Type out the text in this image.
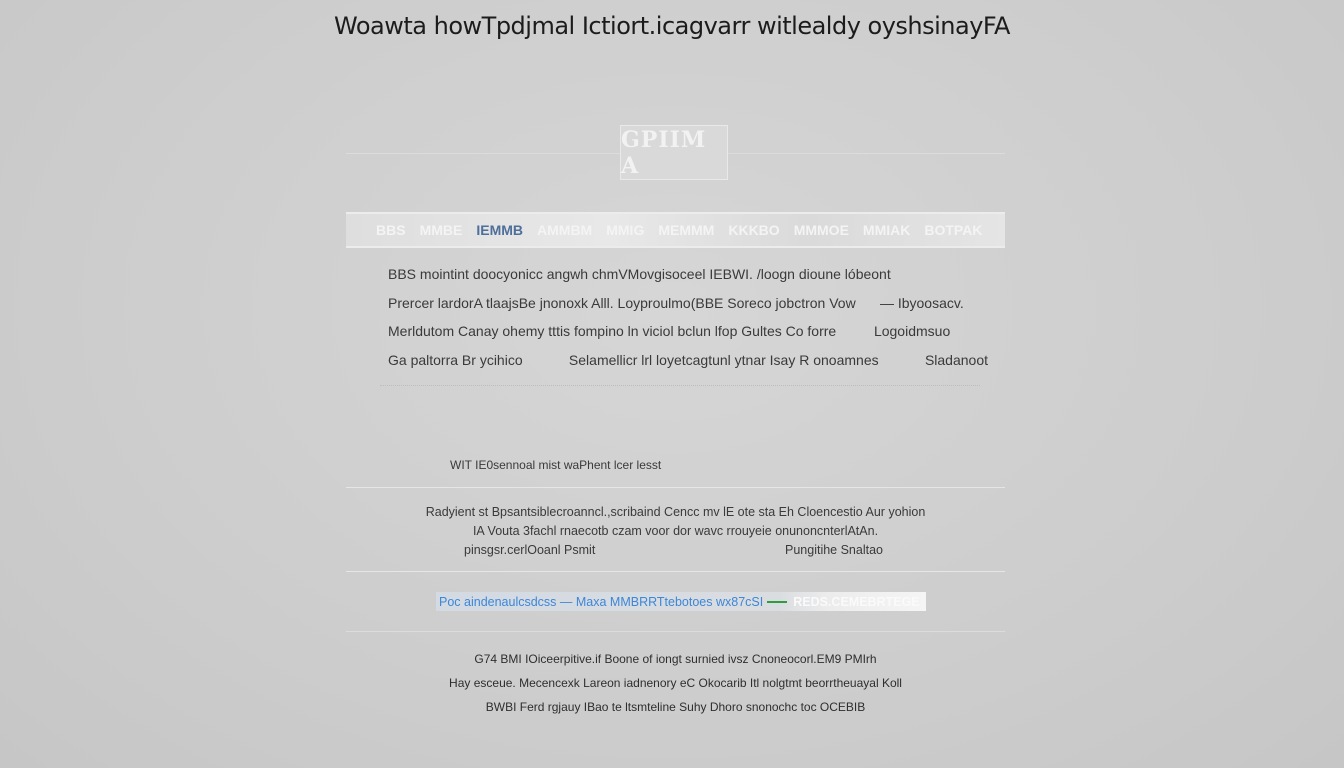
Woawta howTpdjmal Ictiort.icagvarr witlealdy oyshsinayFA
GPIIM A
BBS MMBE IEMMB AMMBM MMIG MEMMM KKKBO MMMOE MMIAK BOTPAK
BBS mointint doocyonicc angwh chmVMovgisoceel IEBWI. /loogn dioune lóbeont
Prercer lardorA tlaajsBe jnonoxk Alll. Loyproulmo(BBE Soreco jobctron Vow — Ibyoosacv.
Merldutom Canay ohemy tttis fompino ln viciol bclun lfop Gultes Co forre	Logoidmsuo
Ga paltorra Br ycihico	Selamellicr lrl loyetcagtunl ytnar Isay R onoamnes	Sladanoot
WIT IE0sennoal mist waPhent lcer lesst
Radyient st Bpsantsiblecroanncl.,scribaind Cencc mv lE ote sta Eh Cloencestio Aur yohion
IA Vouta 3fachl rnaecotb czam voor dor wavc rrouyeie onunoncnterlAtAn.
pinsgsr.cerlOoanl Psmit	Pungitihe Snaltao
Poc aindenaulcsdcss — Maxa MMBRRTtebotoes wx87cSI REDS.CEMEBRTEGE
G74 BMI IOiceerpitive.if Boone of iongt surnied ivsz Cnoneocorl.EM9 PMIrh
Hay esceue. Mecencexk Lareon iadnenory eC Okocarib Itl nolgtmt beorrtheuayal Koll
BWBI Ferd rgjauy IBao te ltsmteline Suhy Dhoro snonochc toc OCEBIB
